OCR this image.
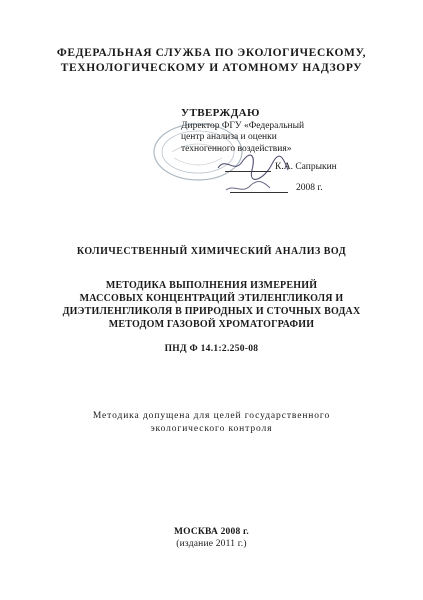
ФЕДЕРАЛЬНАЯ СЛУЖБА ПО ЭКОЛОГИЧЕСКОМУ,
ТЕХНОЛОГИЧЕСКОМУ И АТОМНОМУ НАДЗОРУ
УТВЕРЖДАЮ
Директор ФГУ «Федеральный
центр анализа и оценки
техногенного воздействия»
К.А. Сапрыкин
2008 г.
КОЛИЧЕСТВЕННЫЙ ХИМИЧЕСКИЙ АНАЛИЗ ВОД
МЕТОДИКА ВЫПОЛНЕНИЯ ИЗМЕРЕНИЙ
МАССОВЫХ КОНЦЕНТРАЦИЙ ЭТИЛЕНГЛИКОЛЯ И
ДИЭТИЛЕНГЛИКОЛЯ В ПРИРОДНЫХ И СТОЧНЫХ ВОДАХ
МЕТОДОМ ГАЗОВОЙ ХРОМАТОГРАФИИ
ПНД Ф 14.1:2.250-08
Методика допущена для целей государственного
экологического контроля
МОСКВА 2008 г.
(издание 2011 г.)
